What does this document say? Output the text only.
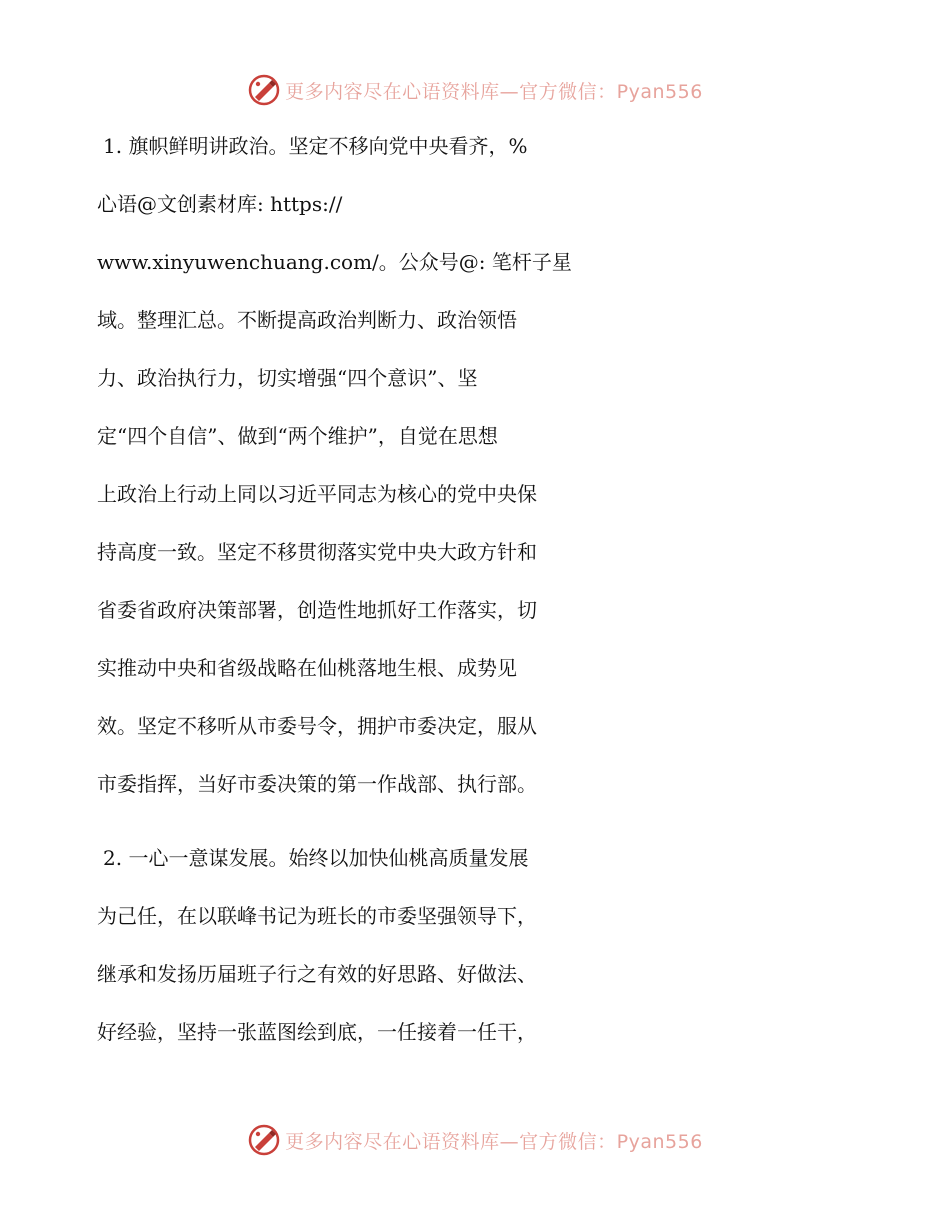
更多内容尽在心语资料库—官方微信：Pyan556
1. 旗帜鲜明讲政治。坚定不移向党中央看齐，%
心语@文创素材库: https://
www.xinyuwenchuang.com/。公众号@: 笔杆子星
域。整理汇总。不断提高政治判断力、政治领悟
力、政治执行力，切实增强“四个意识”、坚
定“四个自信”、做到“两个维护”，自觉在思想
上政治上行动上同以习近平同志为核心的党中央保
持高度一致。坚定不移贯彻落实党中央大政方针和
省委省政府决策部署，创造性地抓好工作落实，切
实推动中央和省级战略在仙桃落地生根、成势见
效。坚定不移听从市委号令，拥护市委决定，服从
市委指挥，当好市委决策的第一作战部、执行部。
2. 一心一意谋发展。始终以加快仙桃高质量发展
为己任，在以联峰书记为班长的市委坚强领导下，
继承和发扬历届班子行之有效的好思路、好做法、
好经验，坚持一张蓝图绘到底，一任接着一任干，
更多内容尽在心语资料库—官方微信：Pyan556
